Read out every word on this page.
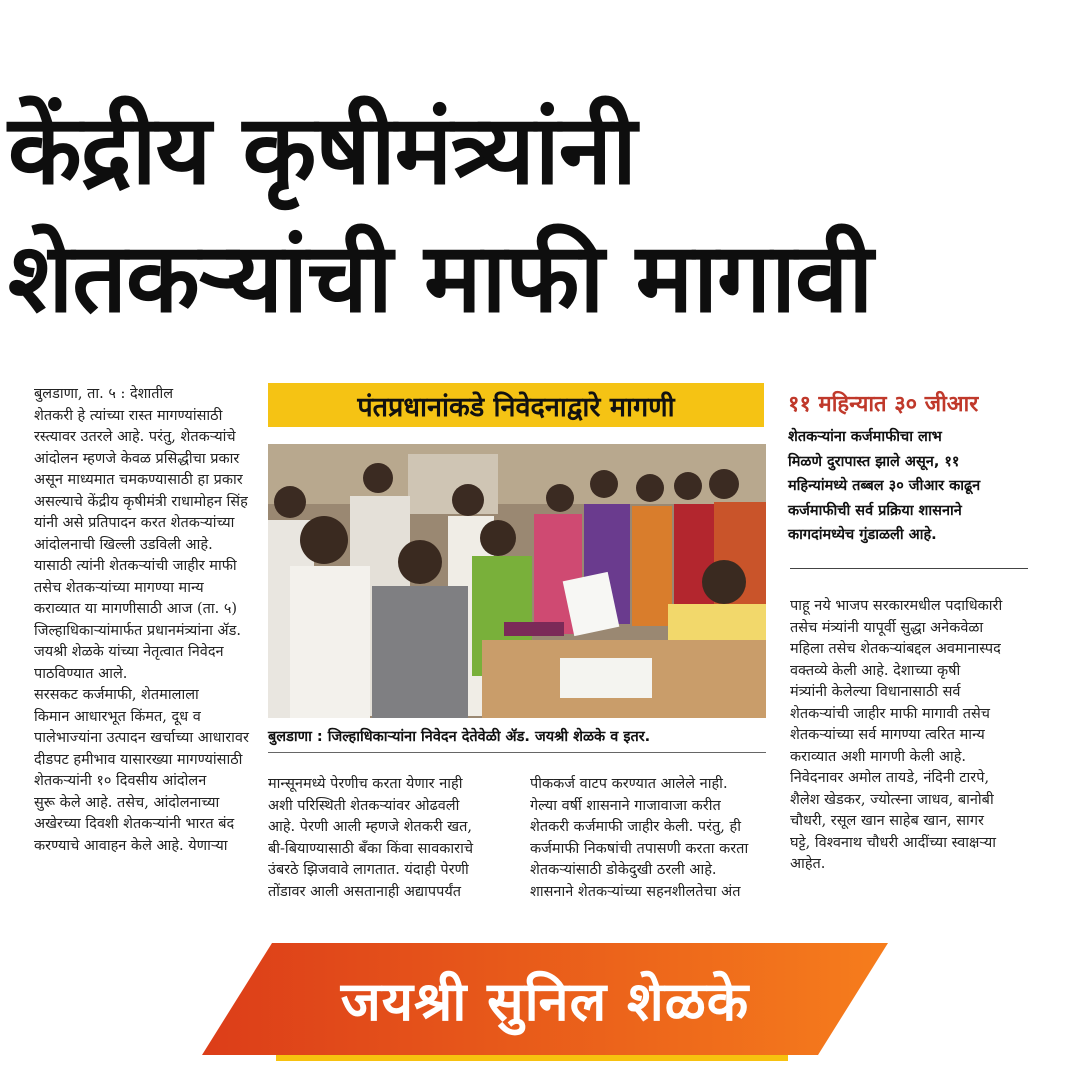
केंद्रीय कृषीमंत्र्यांनी
शेतकऱ्यांची माफी मागावी
बुलडाणा, ता. ५ : देशातील
शेतकरी हे त्यांच्या रास्त मागण्यांसाठी
रस्त्यावर उतरले आहे. परंतु, शेतकऱ्यांचे
आंदोलन म्हणजे केवळ प्रसिद्धीचा प्रकार
असून माध्यमात चमकण्यासाठी हा प्रकार
असल्याचे केंद्रीय कृषीमंत्री राधामोहन सिंह
यांनी असे प्रतिपादन करत शेतकऱ्यांच्या
आंदोलनाची खिल्ली उडविली आहे.
यासाठी त्यांनी शेतकऱ्यांची जाहीर माफी
तसेच शेतकऱ्यांच्या मागण्या मान्य
कराव्यात या मागणीसाठी आज (ता. ५)
जिल्हाधिकाऱ्यांमार्फत प्रधानमंत्र्यांना ॲड.
जयश्री शेळके यांच्या नेतृत्वात निवेदन
पाठविण्यात आले.
सरसकट कर्जमाफी, शेतमालाला
किमान आधारभूत किंमत, दूध व
पालेभाज्यांना उत्पादन खर्चाच्या आधारावर
दीडपट हमीभाव यासारख्या मागण्यांसाठी
शेतकऱ्यांनी १० दिवसीय आंदोलन
सुरू केले आहे. तसेच, आंदोलनाच्या
अखेरच्या दिवशी शेतकऱ्यांनी भारत बंद
करण्याचे आवाहन केले आहे. येणाऱ्या
पंतप्रधानांकडे निवेदनाद्वारे मागणी
बुलडाणा : जिल्हाधिकाऱ्यांना निवेदन देतेवेळी ॲड. जयश्री शेळके व इतर.
मान्सूनमध्ये पेरणीच करता येणार नाही
अशी परिस्थिती शेतकऱ्यांवर ओढवली
आहे. पेरणी आली म्हणजे शेतकरी खत,
बी-बियाण्यासाठी बँका किंवा सावकाराचे
उंबरठे झिजवावे लागतात. यंदाही पेरणी
तोंडावर आली असतानाही अद्यापपर्यंत
पीककर्ज वाटप करण्यात आलेले नाही.
गेल्या वर्षी शासनाने गाजावाजा करीत
शेतकरी कर्जमाफी जाहीर केली. परंतु, ही
कर्जमाफी निकषांची तपासणी करता करता
शेतकऱ्यांसाठी डोकेदुखी ठरली आहे.
शासनाने शेतकऱ्यांच्या सहनशीलतेचा अंत
११ महिन्यात ३० जीआर
शेतकऱ्यांना कर्जमाफीचा लाभ
मिळणे दुरापास्त झाले असून, ११
महिन्यांमध्ये तब्बल ३० जीआर काढून
कर्जमाफीची सर्व प्रक्रिया शासनाने
कागदांमध्येच गुंडाळली आहे.
पाहू नये भाजप सरकारमधील पदाधिकारी
तसेच मंत्र्यांनी यापूर्वी सुद्धा अनेकवेळा
महिला तसेच शेतकऱ्यांबद्दल अवमानास्पद
वक्तव्ये केली आहे. देशाच्या कृषी
मंत्र्यांनी केलेल्या विधानासाठी सर्व
शेतकऱ्यांची जाहीर माफी मागावी तसेच
शेतकऱ्यांच्या सर्व मागण्या त्वरित मान्य
कराव्यात अशी मागणी केली आहे.
निवेदनावर अमोल तायडे, नंदिनी टारपे,
शैलेश खेडकर, ज्योत्स्ना जाधव, बानोबी
चौधरी, रसूल खान साहेब खान, सागर
घट्टे, विश्वनाथ चौधरी आदींच्या स्वाक्षऱ्या
आहेत.
जयश्री सुनिल शेळके
